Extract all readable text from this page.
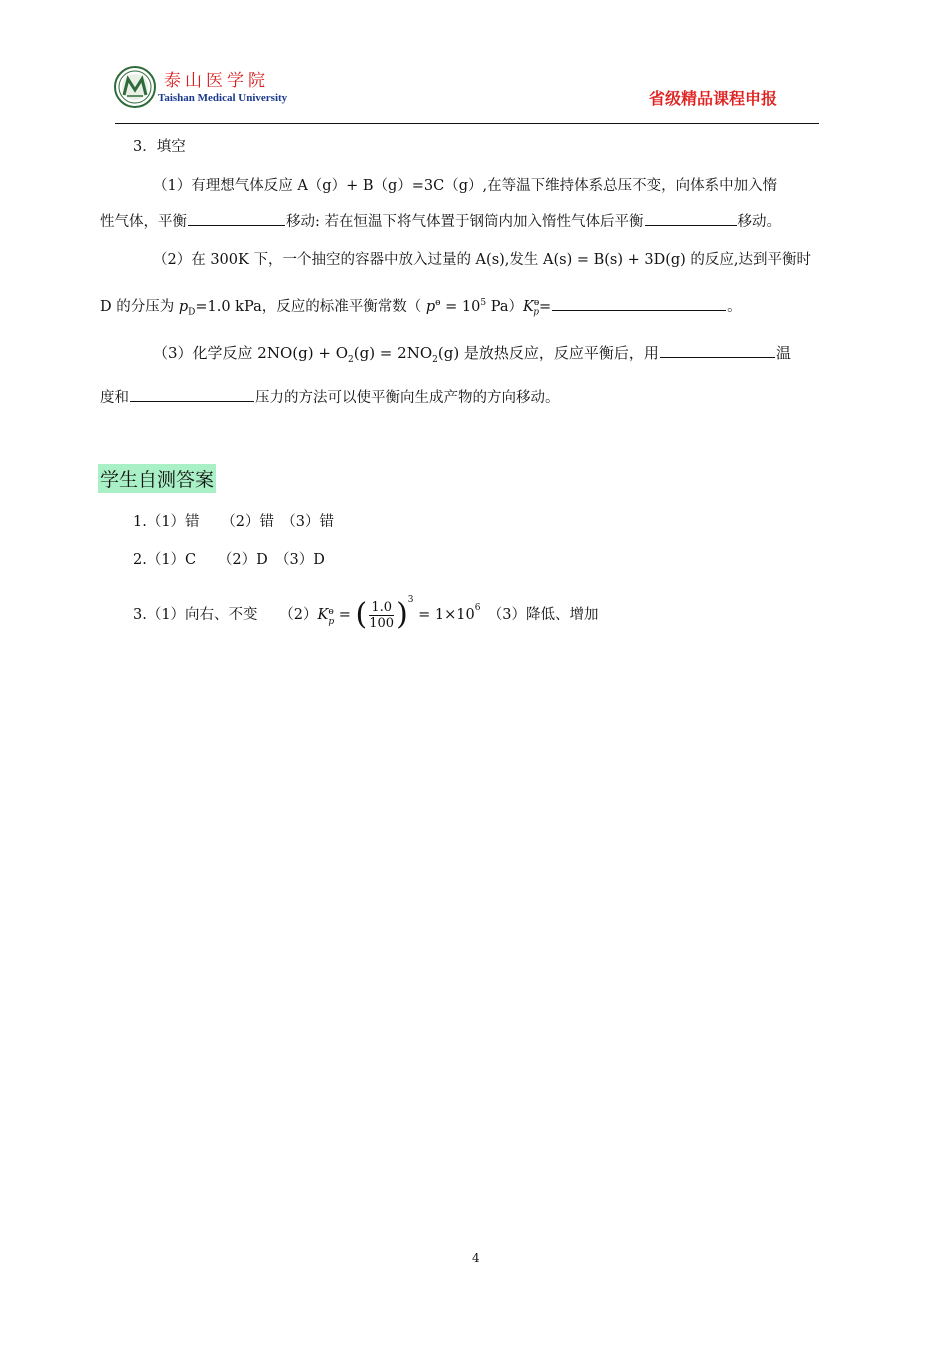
泰山医学院
Taishan Medical University	省级精品课程申报
3．填空
（1）有理想气体反应 A（g）+ B（g）=3C（g）,在等温下维持体系总压不变，向体系中加入惰
性气体，平衡	移动: 若在恒温下将气体置于钢筒内加入惰性气体后平衡	移动。
（2）在 300K 下，一个抽空的容器中放入过量的 A(s),发生 A(s) = B(s) + 3D(g) 的反应,达到平衡时
D 的分压为 $p_D=1.0$ kPa，反应的标准平衡常数（ $p^ө = 10^5$ $Pa)K^ө_p=$	。
（3）化学反应 $2NO(g) + O_2(g) = 2NO_2(g)$ 是放热反应，反应平衡后，用	温
度和	压力的方法可以使平衡向生成产物的方向移动。
学生自测答案
1.（1）错　　（2）错　（3）错
2.（1）C　　（2）D　（3）D
3.（1）向右、不变　　（2） K ө
p = ( $\frac{1.0}{100} )^3$
= $1\times 10^6$ 　（3）降低、增加
4
